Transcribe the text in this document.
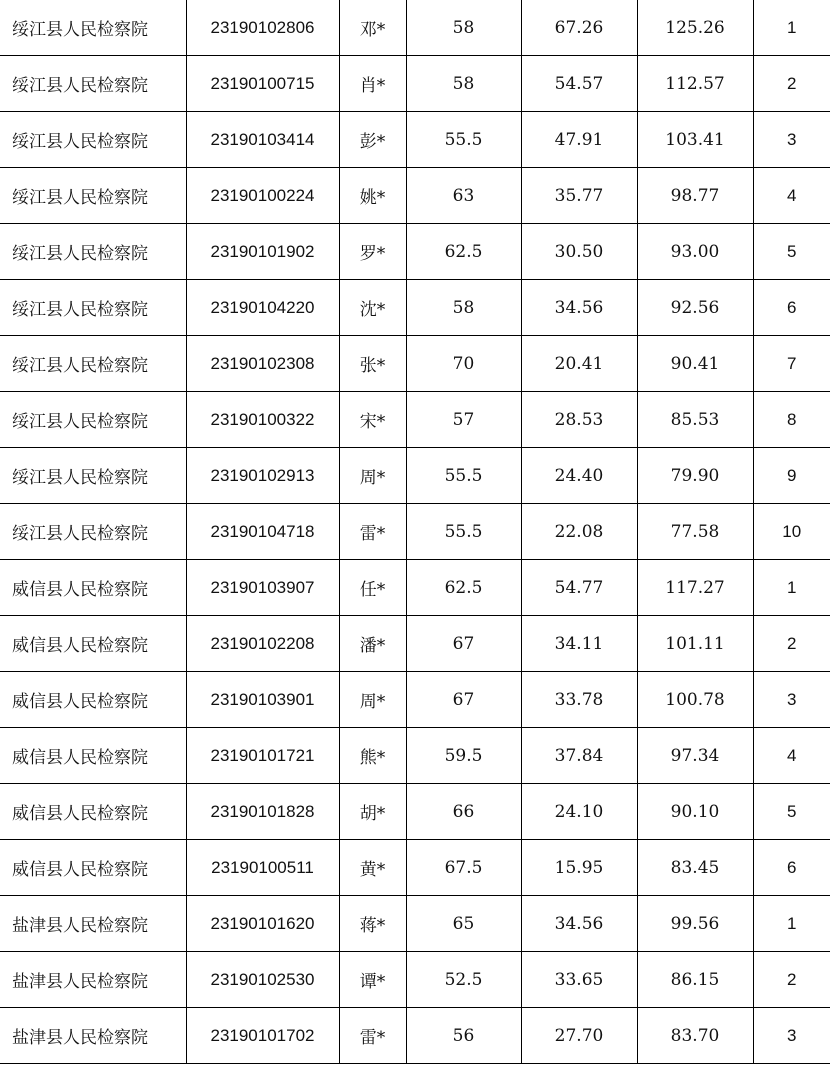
绥江县人民检察院	23190102806	邓*	58	67.26	125.26	1
绥江县人民检察院	23190100715	肖*	58	54.57	112.57	2
绥江县人民检察院	23190103414	彭*	55.5	47.91	103.41	3
绥江县人民检察院	23190100224	姚*	63	35.77	98.77	4
绥江县人民检察院	23190101902	罗*	62.5	30.50	93.00	5
绥江县人民检察院	23190104220	沈*	58	34.56	92.56	6
绥江县人民检察院	23190102308	张*	70	20.41	90.41	7
绥江县人民检察院	23190100322	宋*	57	28.53	85.53	8
绥江县人民检察院	23190102913	周*	55.5	24.40	79.90	9
绥江县人民检察院	23190104718	雷*	55.5	22.08	77.58	10
威信县人民检察院	23190103907	任*	62.5	54.77	117.27	1
威信县人民检察院	23190102208	潘*	67	34.11	101.11	2
威信县人民检察院	23190103901	周*	67	33.78	100.78	3
威信县人民检察院	23190101721	熊*	59.5	37.84	97.34	4
威信县人民检察院	23190101828	胡*	66	24.10	90.10	5
威信县人民检察院	23190100511	黄*	67.5	15.95	83.45	6
盐津县人民检察院	23190101620	蒋*	65	34.56	99.56	1
盐津县人民检察院	23190102530	谭*	52.5	33.65	86.15	2
盐津县人民检察院	23190101702	雷*	56	27.70	83.70	3
